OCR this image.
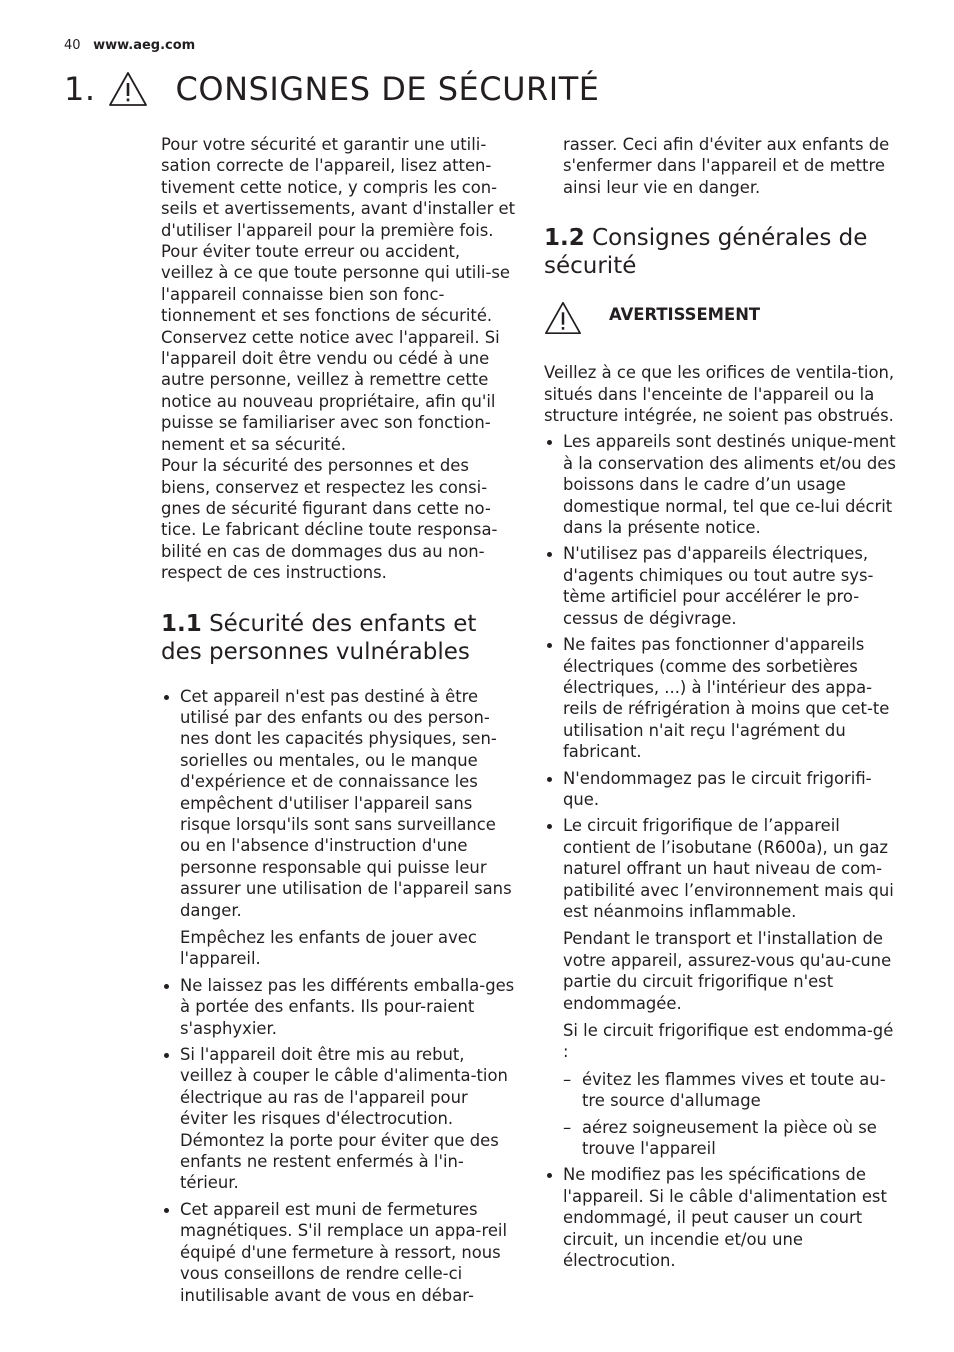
40 www.aeg.com
1.	CONSIGNES DE SÉCURITÉ

Pour votre sécurité et garantir une utili-sation correcte de l'appareil, lisez atten-tivement cette notice, y compris les con-seils et avertissements, avant d'installer et d'utiliser l'appareil pour la première fois. Pour éviter toute erreur ou accident, veillez à ce que toute personne qui utili-se l'appareil connaisse bien son fonc-tionnement et ses fonctions de sécurité. Conservez cette notice avec l'appareil. Si l'appareil doit être vendu ou cédé à une autre personne, veillez à remettre cette notice au nouveau propriétaire, afin qu'il puisse se familiariser avec son fonction-nement et sa sécurité.

Pour la sécurité des personnes et des biens, conservez et respectez les consi-gnes de sécurité figurant dans cette no-tice. Le fabricant décline toute responsa-bilité en cas de dommages dus au non-respect de ces instructions.

1.1 Sécurité des enfants et des personnes vulnérables
Cet appareil n'est pas destiné à être utilisé par des enfants ou des person-nes dont les capacités physiques, sen-sorielles ou mentales, ou le manque d'expérience et de connaissance les empêchent d'utiliser l'appareil sans risque lorsqu'ils sont sans surveillance ou en l'absence d'instruction d'une personne responsable qui puisse leur assurer une utilisation de l'appareil sans danger.
Empêchez les enfants de jouer avec l'appareil.
Ne laissez pas les différents emballa-ges à portée des enfants. Ils pour-raient s'asphyxier.
Si l'appareil doit être mis au rebut, veillez à couper le câble d'alimenta-tion électrique au ras de l'appareil pour éviter les risques d'électrocution. Démontez la porte pour éviter que des enfants ne restent enfermés à l'in-térieur.
Cet appareil est muni de fermetures magnétiques. S'il remplace un appa-reil équipé d'une fermeture à ressort, nous vous conseillons de rendre celle-ci inutilisable avant de vous en débar-

rasser. Ceci afin d'éviter aux enfants de s'enfermer dans l'appareil et de mettre ainsi leur vie en danger.

1.2 Consignes générales de sécurité
AVERTISSEMENT

Veillez à ce que les orifices de ventila-tion, situés dans l'enceinte de l'appareil ou la structure intégrée, ne soient pas obstrués.

Les appareils sont destinés unique-ment à la conservation des aliments et/ou des boissons dans le cadre d’un usage domestique normal, tel que ce-lui décrit dans la présente notice.
N'utilisez pas d'appareils électriques, d'agents chimiques ou tout autre sys-tème artificiel pour accélérer le pro-cessus de dégivrage.
Ne faites pas fonctionner d'appareils électriques (comme des sorbetières électriques, ...) à l'intérieur des appa-reils de réfrigération à moins que cet-te utilisation n'ait reçu l'agrément du fabricant.
N'endommagez pas le circuit frigorifi-que.
Le circuit frigorifique de l’appareil contient de l’isobutane (R600a), un gaz naturel offrant un haut niveau de com-patibilité avec l’environnement mais qui est néanmoins inflammable.
Pendant le transport et l'installation de votre appareil, assurez-vous qu'au-cune partie du circuit frigorifique n'est endommagée.
Si le circuit frigorifique est endomma-gé :
– évitez les flammes vives et toute au-tre source d'allumage
– aérez soigneusement la pièce où se trouve l'appareil
Ne modifiez pas les spécifications de l'appareil. Si le câble d'alimentation est endommagé, il peut causer un court circuit, un incendie et/ou une électrocution.
